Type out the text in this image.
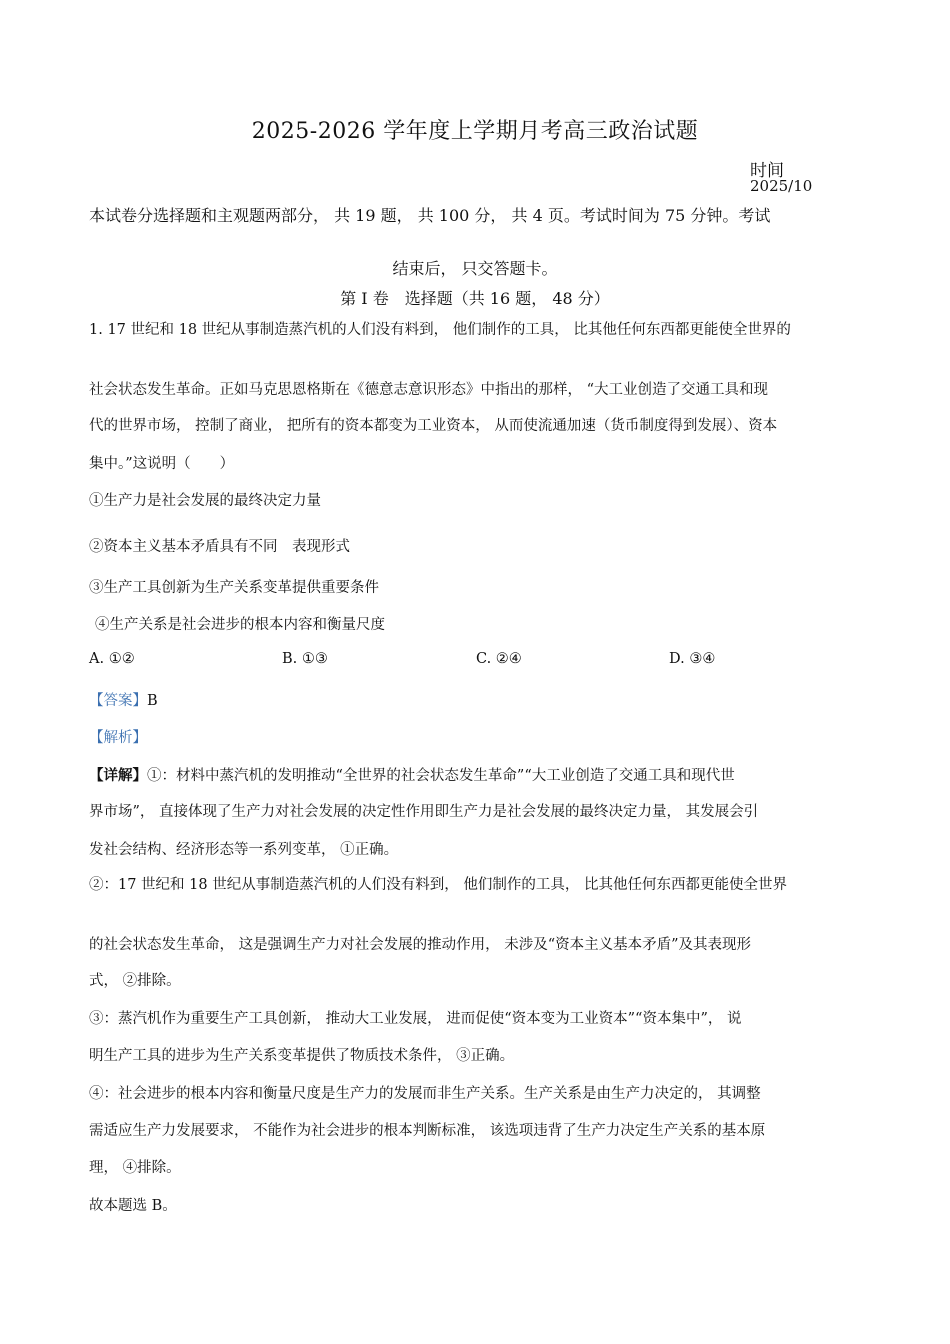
2025-2026 学年度上学期月考高三政治试题
时间
2025/10
本试卷分选择题和主观题两部分， 共 19 题， 共 100 分， 共 4 页。考试时间为 75 分钟。考试
结束后， 只交答题卡。
第 I 卷　选择题（共 16 题， 48 分）
1. 17 世纪和 18 世纪从事制造蒸汽机的人们没有料到， 他们制作的工具， 比其他任何东西都更能使全世界的
社会状态发生革命。正如马克思恩格斯在《德意志意识形态》中指出的那样， “大工业创造了交通工具和现
代的世界市场， 控制了商业， 把所有的资本都变为工业资本， 从而使流通加速（货币制度得到发展）、资本
集中。”这说明（　　）
①生产力是社会发展的最终决定力量
②资本主义基本矛盾具有不同　表现形式
③生产工具创新为生产关系变革提供重要条件
④生产关系是社会进步的根本内容和衡量尺度
A. ①②	B. ①③	C. ②④	D. ③④
【答案】B
【解析】
【详解】①：材料中蒸汽机的发明推动“全世界的社会状态发生革命”“大工业创造了交通工具和现代世
界市场”， 直接体现了生产力对社会发展的决定性作用即生产力是社会发展的最终决定力量， 其发展会引
发社会结构、经济形态等一系列变革， ①正确。
②：17 世纪和 18 世纪从事制造蒸汽机的人们没有料到， 他们制作的工具， 比其他任何东西都更能使全世界
的社会状态发生革命， 这是强调生产力对社会发展的推动作用， 未涉及“资本主义基本矛盾”及其表现形
式， ②排除。
③：蒸汽机作为重要生产工具创新， 推动大工业发展， 进而促使“资本变为工业资本”“资本集中”， 说
明生产工具的进步为生产关系变革提供了物质技术条件， ③正确。
④：社会进步的根本内容和衡量尺度是生产力的发展而非生产关系。生产关系是由生产力决定的， 其调整
需适应生产力发展要求， 不能作为社会进步的根本判断标准， 该选项违背了生产力决定生产关系的基本原
理， ④排除。
故本题选 B。
